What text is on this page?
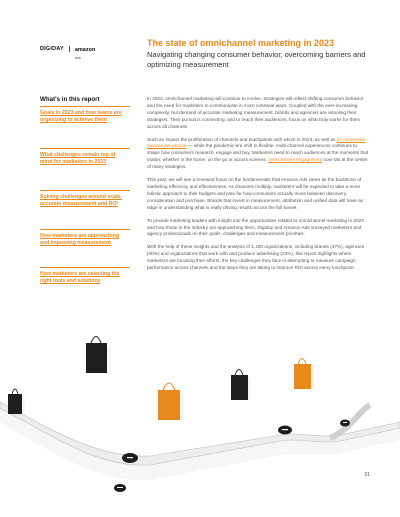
DIGIDAY amazon
ads
The state of omnichannel marketing in 2023
Navigating changing consumer behavior, overcoming barriers and optimizing measurement
What's in this report
Goals in 2023 and how teams are organizing to achieve them
What challenges remain top of mind for marketers in 2023
Solving challenges around scale, accurate measurement and ROI
How marketers are approaching and improving measurement
How marketers are selecting the right tools and solutions

In 2023, omnichannel marketing will continue to evolve. Strategies will reflect shifting consumer behavior and the need for marketers to communicate in more cohesive ways. Coupled with the ever-increasing complexity, but demand of accurate marketing measurement, brands and agencies are retooling their strategies. Their pursuit is connecting, and to reach their audiences, focus on what truly works for them across all channels.

Such an impact the proliferation of channels and touchpoints with which in 2023, as well as 27 connected devices per person — while the pandemic-era shift to flexible, multi-channel experiences continues to shape how consumers research, engage and buy. Marketers need to reach audiences at the moments that matter, whether in the home, on the go or across screens. omnichannel engagement now sits at the center of many strategies.

This year, we will see a renewed focus on the fundamentals that Amazon Ads views as the backbone of marketing efficiency and effectiveness. As channels multiply, marketers will be expected to take a more holistic approach to their budgets and plan for how consumers actually move between discovery, consideration and purchase. Brands that invest in measurement, attribution and unified data will have an edge in understanding what is really driving results across the full funnel.

To provide marketing leaders with insight into the opportunities related to omnichannel marketing in 2023 and how those in the industry are approaching them, Digiday and Amazon Ads surveyed marketers and agency professionals on their goals, challenges and measurement priorities.

With the help of these insights and the analysis of 1,100 organizations, including brands (47%), agencies (30%) and organizations that work with and produce advertising (23%), this report highlights where marketers are focusing their efforts, the key challenges they face in attempting to measure campaign performance across channels and the steps they are taking to improve ROI across every touchpoint.

01
